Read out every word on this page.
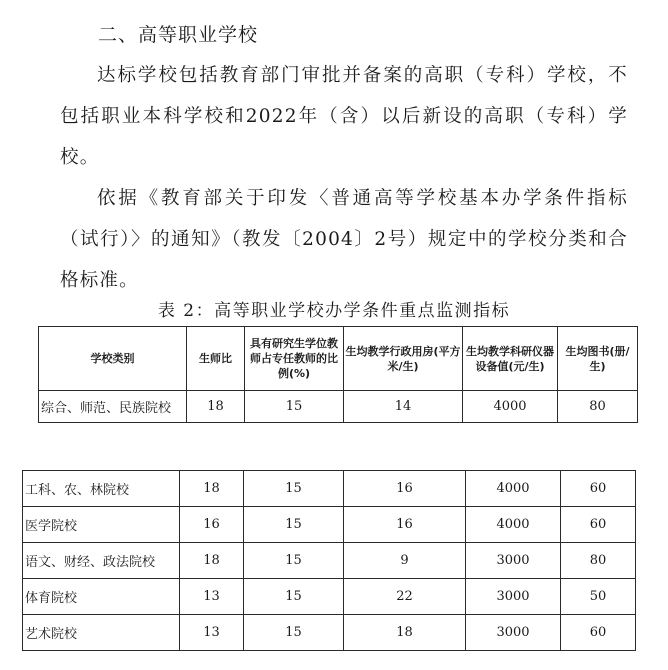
二、高等职业学校

达标学校包括教育部门审批并备案的高职（专科）学校，不包括职业本科学校和2022年（含）以后新设的高职（专科）学校。

依据《教育部关于印发〈普通高等学校基本办学条件指标（试行）〉的通知》（教发〔2004〕2号）规定中的学校分类和合格标准。

表 2：高等职业学校办学条件重点监测指标
学校类别	生师比	具有研究生学位教师占专任教师的比例(%)	生均教学行政用房(平方米/生)	生均教学科研仪器设备值(元/生)	生均图书(册/生)
综合、师范、民族院校	18	15	14	4000	80
工科、农、林院校	18	15	16	4000	60
医学院校	16	15	16	4000	60
语文、财经、政法院校	18	15	9	3000	80
体育院校	13	15	22	3000	50
艺术院校	13	15	18	3000	60
